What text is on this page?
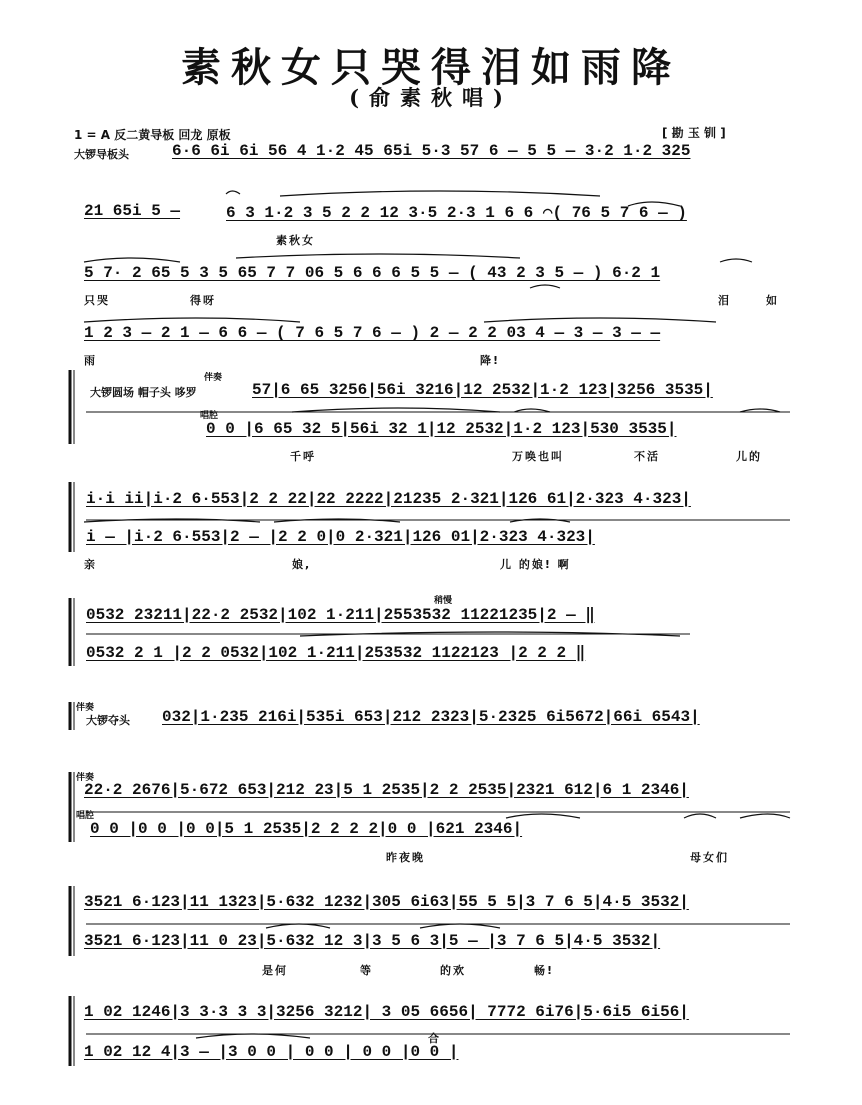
素秋女只哭得泪如雨降
(俞素秋唱)
1 = A 反二黄导板 回龙 原板	[ 勘 玉 钏 ]
大锣导板头	6·6 6i 6i 56 4 1·2 45 65i 5·3 57 6 — 5 5 — 3·2 1·2 325
21 65i 5 —	6 3 1·2 3 5 2 2 12 3·5 2·3 1 6 6 ⌒( 76 5 7 6 — )
素秋女
5 7· 2 65 5 3 5 65 7 7 06 5 6 6 6 5 5 — ( 43 2 3 5 — ) 6·2 1
只哭	得呀	泪	如
1 2 3 — 2 1 — 6 6 — ( 7 6 5 7 6 — ) 2 — 2 2 03 4 — 3 — 3 — —
雨	降!
伴奏
大锣圆场 帽子头 哆罗
唱腔
57|6 65 3256|56i 3216|12 2532|1·2 123|3256 3535|
0 0 |6 65 32 5|56i 32 1|12 2532|1·2 123|530 3535|
千呼	万唤也叫	不活	儿的
i·i ii|i·2 6·553|2 2 22|22 2222|21235 2·321|126 61|2·323 4·323|
i — |i·2 6·553|2 — |2 2 0|0 2·321|126 01|2·323 4·323|
亲	娘,	儿 的娘! 啊
稍慢
0532 23211|22·2 2532|102 1·211|2553532 11221235|2 — ‖
0532 2 1 |2 2 0532|102 1·211|253532 1122123 |2 2 2 ‖
伴奏
大锣夺头 032|1·235 216i|535i 653|212 2323|5·2325 6i5672|66i 6543|
伴奏
唱腔
22·2 2676|5·672 653|212 23|5 1 2535|2 2 2535|2321 612|6 1 2346|
0 0 |0 0 |0 0|5 1 2535|2 2 2 2|0 0 |621 2346|
昨夜晚	母女们
3521 6·123|11 1323|5·632 1232|305 6i63|55 5 5|3 7 6 5|4·5 3532|
3521 6·123|11 0 23|5·632 12 3|3 5 6 3|5 — |3 7 6 5|4·5 3532|
是何	等	的欢	畅!
1 02 1246|3 3·3 3 3|3256 3212| 3 05 6656| 7772 6i76|5·6i5 6i56|
合
1 02 12 4|3 — |3 0 0 | 0 0 | 0 0 |0 0 |
